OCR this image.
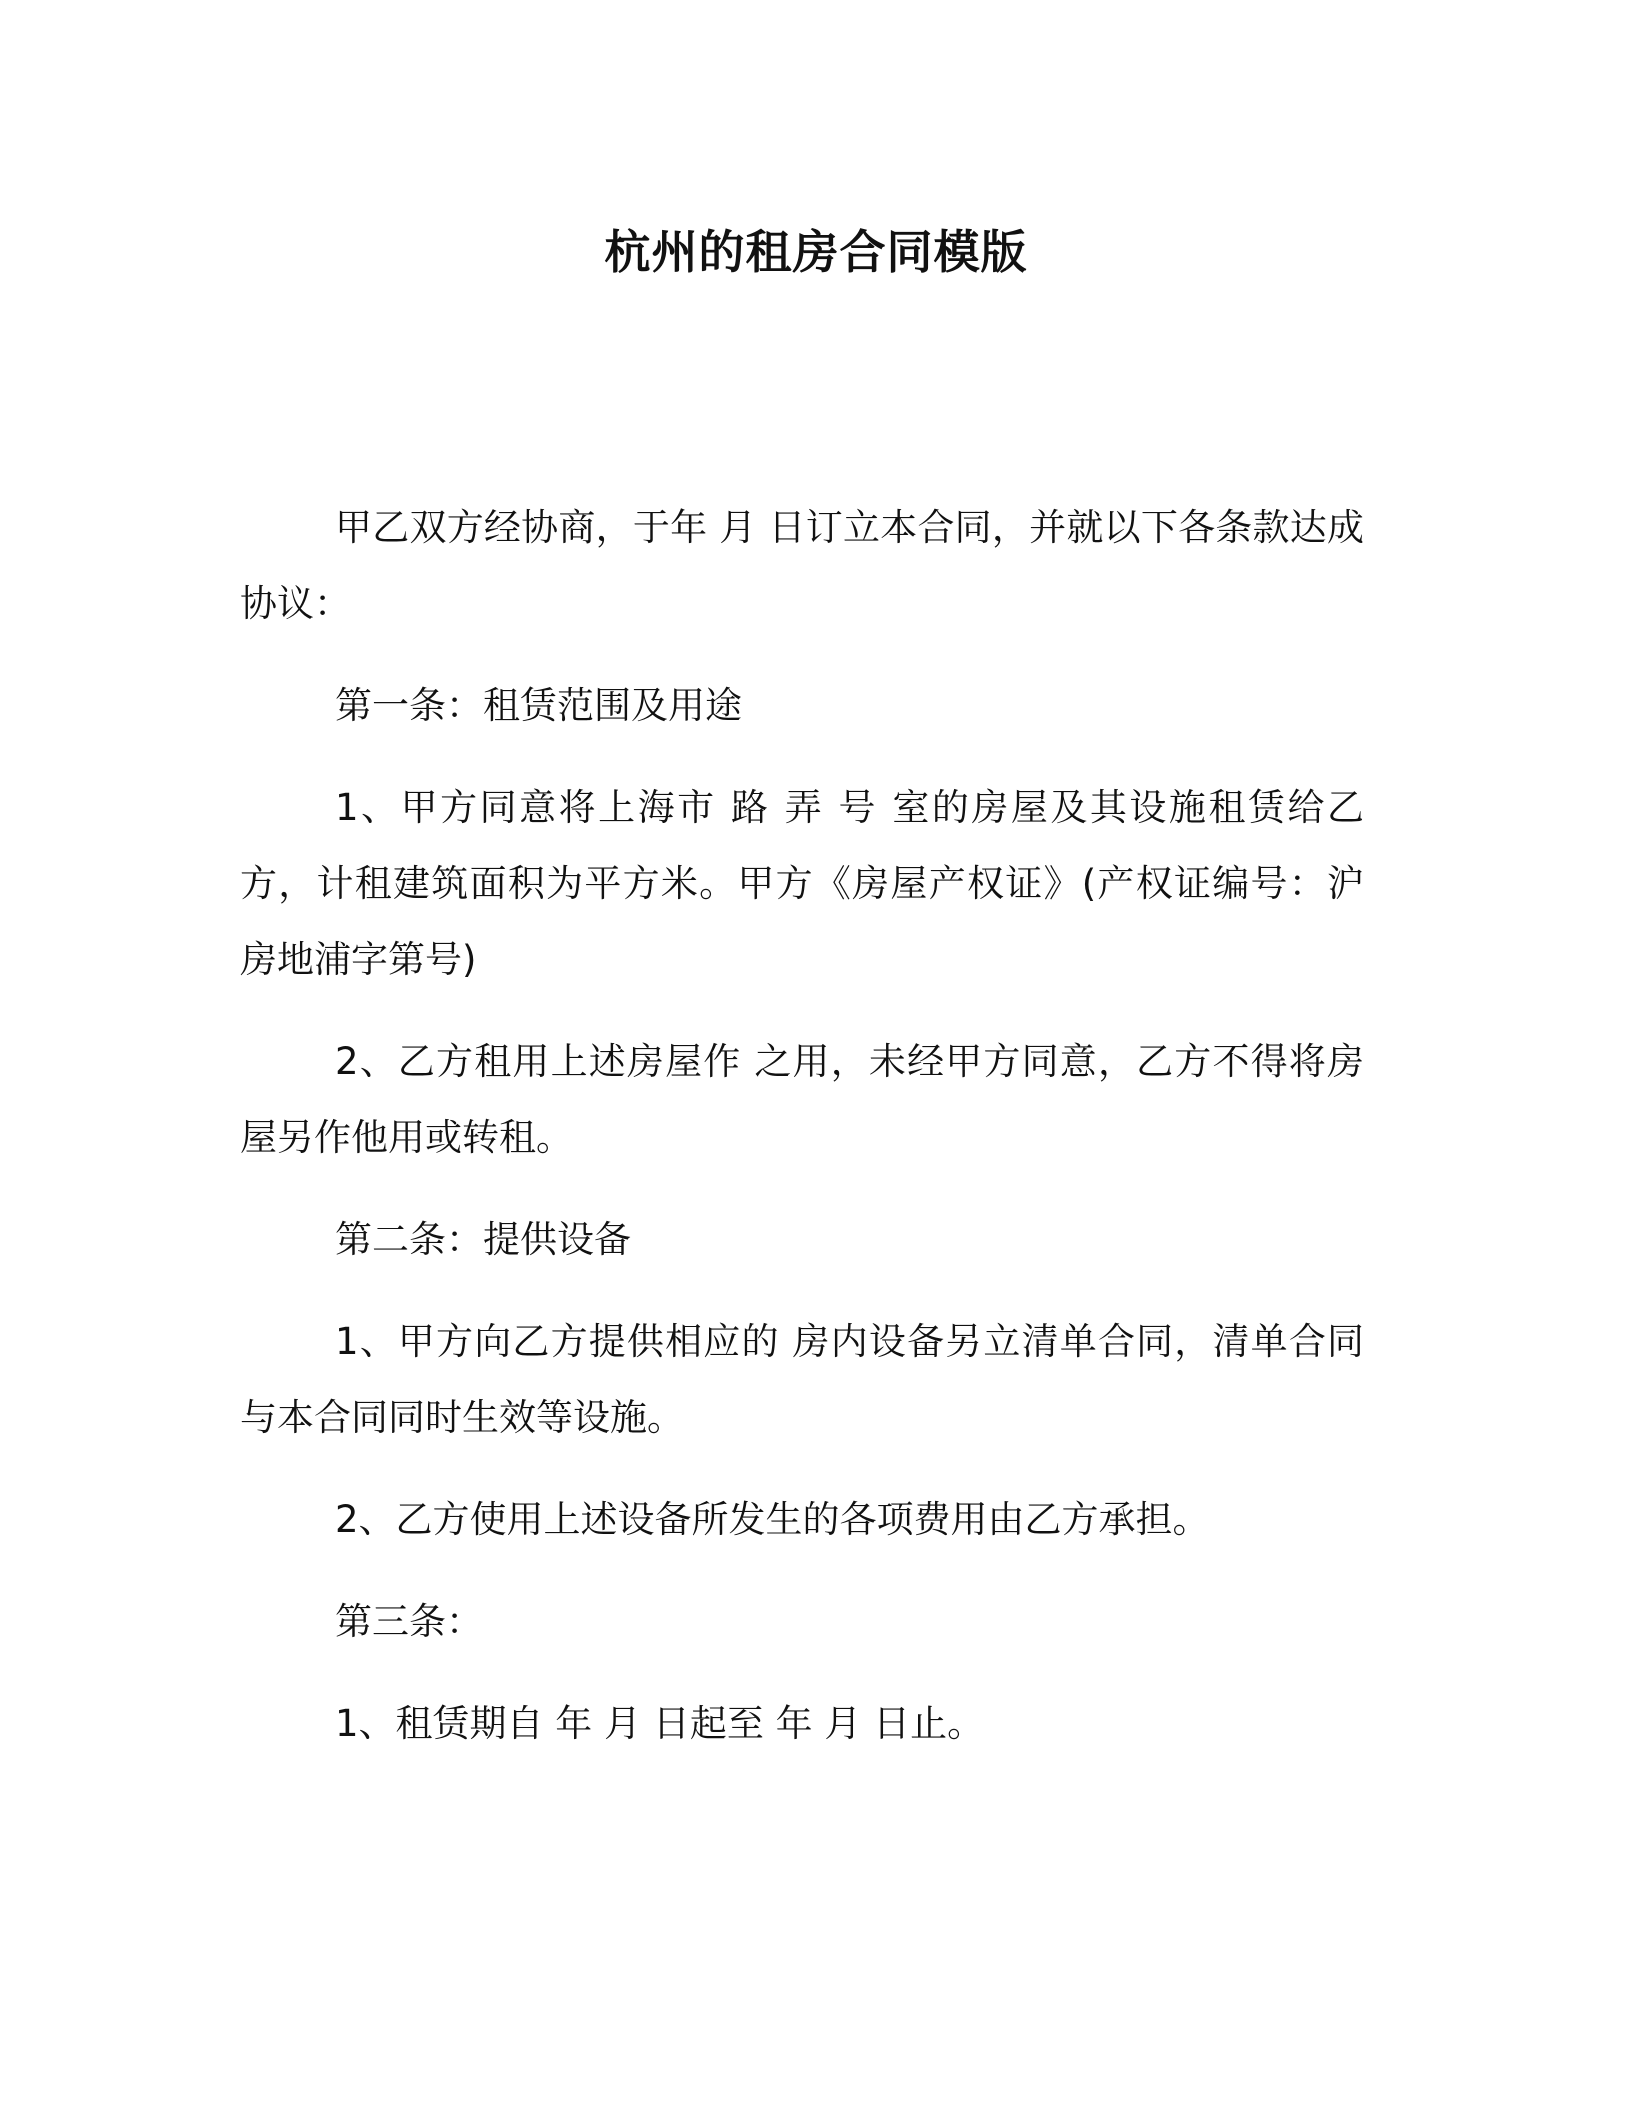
杭州的租房合同模版

甲乙双方经协商，于年 月 日订立本合同，并就以下各条款达成协议：

第一条：租赁范围及用途

1、甲方同意将上海市 路 弄 号 室的房屋及其设施租赁给乙方，计租建筑面积为平方米。甲方《房屋产权证》(产权证编号：沪房地浦字第号)

2、乙方租用上述房屋作 之用，未经甲方同意，乙方不得将房屋另作他用或转租。

第二条：提供设备

1、甲方向乙方提供相应的 房内设备另立清单合同，清单合同与本合同同时生效等设施。

2、乙方使用上述设备所发生的各项费用由乙方承担。

第三条：

1、租赁期自 年 月 日起至 年 月 日止。
